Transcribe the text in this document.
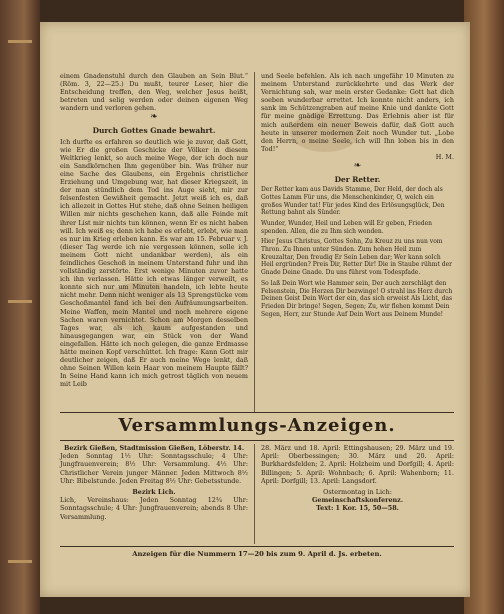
einem Gnadenstuhl durch den Glauben an Sein Blut.“ (Röm. 3, 22—25.) Du mußt, teurer Leser, hier die Entscheidung treffen, den Weg, welcher Jesus heißt, betreten und selig werden oder deinen eigenen Weg wandern und verloren gehen.

❧
Durch Gottes Gnade bewahrt.

Ich durfte es erfahren so deutlich wie je zuvor, daß Gott, wie Er die großen Geschicke der Völker in diesem Weltkrieg lenkt, so auch meine Wege, der ich doch nur ein Sandkörnchen Ihm gegenüber bin. Was früher nur eine Sache des Glaubens, ein Ergebnis christlicher Erziehung und Umgebung war, hat dieser Kriegszeit, in der man stündlich dem Tod ins Auge sieht, mir zur felsenfesten Gewißheit gemacht. Jetzt weiß ich es, daß ich allezeit in Gottes Hut stehe, daß ohne Seinen heiligen Willen mir nichts geschehen kann, daß alle Feinde mit ihrer List mir nichts tun können, wenn Er es nicht haben will. Ich weiß es; denn ich habe es erlebt, erlebt, wie man es nur im Krieg erleben kann. Es war am 15. Februar v. J. (dieser Tag werde ich nie vergessen können, solle ich meinem Gott nicht undankbar werden), als ein feindliches Geschoß in meinem Unterstand fuhr und ihn vollständig zerstörte. Erst wenige Minuten zuvor hatte ich ihn verlassen. Hätte ich etwas länger verweilt, es konnte sich nur um Minuten handeln, ich lebte heute nicht mehr. Denn nicht weniger als 13 Sprengstücke vom Geschoßmantel fand ich bei den Aufräumungsarbeiten. Meine Waffen, mein Mantel und noch mehrere eigene Sachen waren vernichtet. Schon am Morgen desselben Tages war, als ich kaum aufgestanden und hinausgegangen war, ein Stück von der Wand eingefallen. Hätte ich noch gelegen, die ganze Erdmasse hätte meinen Kopf verschüttet. Ich frage: Kann Gott mir deutlicher zeigen, daß Er auch meine Wege lenkt, daß ohne Seinen Willen kein Haar von meinem Haupte fällt? In Seine Hand kann ich mich getrost täglich von neuem mit Leib

und Seele befehlen. Als ich nach ungefähr 10 Minuten zu meinem Unterstand zurückkehrte und das Werk der Vernichtung sah, war mein erster Gedanke: Gott hat dich soeben wunderbar errettet. Ich konnte nicht anders, ich sank im Schützengraben auf meine Knie und dankte Gott für meine gnädige Errettung. Das Erlebnis aber ist für mich außerdem ein neuer Beweis dafür, daß Gott auch heute in unserer modernen Zeit noch Wunder tut. „Lobe den Herrn, o meine Seele, ich will Ihn loben bis in den Tod!“

H. M.

❧
Der Retter.

Der Retter kam aus Davids Stamme, Der Held, der doch als Gottes Lamm Für uns, die Menschenkinder, O, welch ein großes Wunder tat! Für jedes Kind des Erlösungsglück, Den Rettung bahnt als Sünder.

Wunder, Wunder, Heil und Leben will Er geben, Frieden spenden. Allen, die zu Ihm sich wenden.

Hier Jesus Christus, Gottes Sohn, Zu Kreuz zu uns nun vom Thron. Zu Ihnen unter Sünden. Zum hohen Heil zum Kreuzaltar, Den freudig Er Sein Leben dar; Wer kann solch Heil ergründen? Preis Dir, Retter Dir! Die in Staube rühmt der Gnade Deine Gnade. Du uns führst vom Todespfade.

So laß Dein Wort wie Hammer sein, Der auch zerschlägt den Felsenstein, Die Herzen Dir bezwinge! O strahl ins Herz durch Deinen Geist Dein Wort der ein, das sich erweist Als Licht, das Frieden Dir bringe! Segen, Segen; Zu, wir flehen kommt Dein Segen, Herr, zur Stunde Auf Dein Wort aus Deinem Munde!

Versammlungs-Anzeigen.

Bezirk Gießen, Stadtmission Gießen, Löberstr. 14.

Jeden Sonntag 1½ Uhr: Sonntagsschule; 4 Uhr: Jungfrauenverein; 8½ Uhr: Versammlung. 4½ Uhr: Christlicher Verein junger Männer. Jeden Mittwoch 8½ Uhr: Bibelstunde. Jeden Freitag 8½ Uhr: Gebetsstunde.

Bezirk Lich.

Lich, Vereinshaus: Jeden Sonntag 12¾ Uhr: Sonntagsschule; 4 Uhr: Jungfrauenverein; abends 8 Uhr: Versammlung.

28. März und 18. April: Ettingshausen; 29. März und 19. April: Oberbessingen; 30. März und 20. April: Burkhardsfelden; 2. April: Holzheim und Dorfgill; 4. April: Billingen; 5. April: Wohnbach; 6. April: Wahenborn; 11. April: Dorfgill; 13. April: Langsdorf.

Ostermontag in Lich:

Gemeinschaftskonferenz.

Text: 1 Kor. 15, 50—58.

Anzeigen für die Nummern 17—20 bis zum 9. April d. Js. erbeten.
